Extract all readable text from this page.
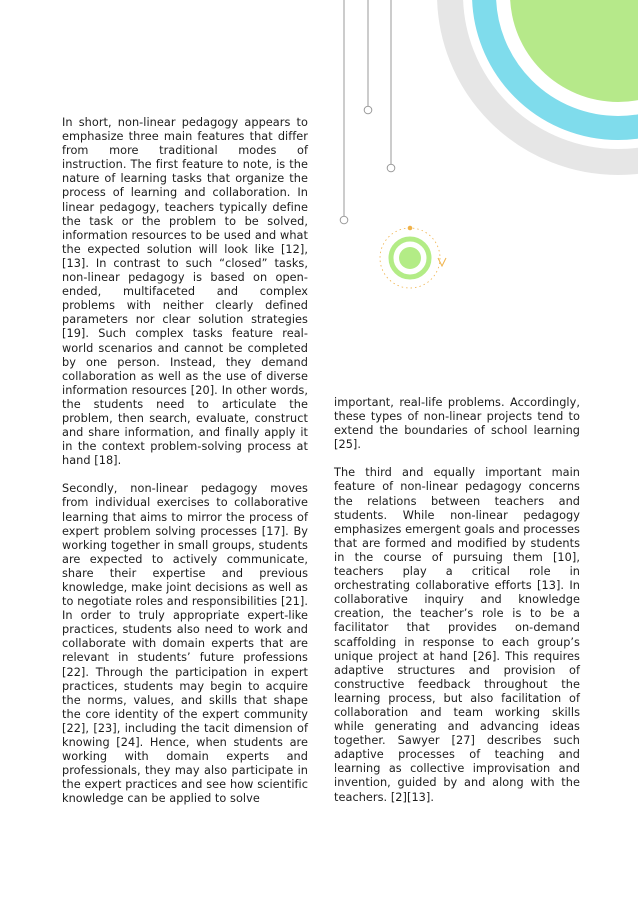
In short, non-linear pedagogy appears to emphasize three main features that differ from more traditional modes of instruction. The first feature to note, is the nature of learning tasks that organize the process of learning and collaboration. In linear pedagogy, teachers typically define the task or the problem to be solved, information resources to be used and what the expected solution will look like [12], [13]. In contrast to such “closed” tasks, non-linear pedagogy is based on open-ended, multifaceted and complex problems with neither clearly defined parameters nor clear solution strategies [19]. Such complex tasks feature real-world scenarios and cannot be completed by one person. Instead, they demand collaboration as well as the use of diverse information resources [20]. In other words, the students need to articulate the problem, then search, evaluate, construct and share information, and finally apply it in the context problem-solving process at hand [18].

Secondly, non-linear pedagogy moves from individual exercises to collaborative learning that aims to mirror the process of expert problem solving processes [17]. By working together in small groups, students are expected to actively communicate, share their expertise and previous knowledge, make joint decisions as well as to negotiate roles and responsibilities [21]. In order to truly appropriate expert-like practices, students also need to work and collaborate with domain experts that are relevant in students’ future professions [22]. Through the participation in expert practices, students may begin to acquire the norms, values, and skills that shape the core identity of the expert community [22], [23], including the tacit dimension of knowing [24]. Hence, when students are working with domain experts and professionals, they may also participate in the expert practices and see how scientific knowledge can be applied to solve

important, real-life problems. Accordingly, these types of non-linear projects tend to extend the boundaries of school learning [25].

The third and equally important main feature of non-linear pedagogy concerns the relations between teachers and students. While non-linear pedagogy emphasizes emergent goals and processes that are formed and modified by students in the course of pursuing them [10], teachers play a critical role in orchestrating collaborative efforts [13]. In collaborative inquiry and knowledge creation, the teacher’s role is to be a facilitator that provides on-demand scaffolding in response to each group’s unique project at hand [26]. This requires adaptive structures and provision of constructive feedback throughout the learning process, but also facilitation of collaboration and team working skills while generating and advancing ideas together. Sawyer [27] describes such adaptive processes of teaching and learning as collective improvisation and invention, guided by and along with the teachers. [2][13].
